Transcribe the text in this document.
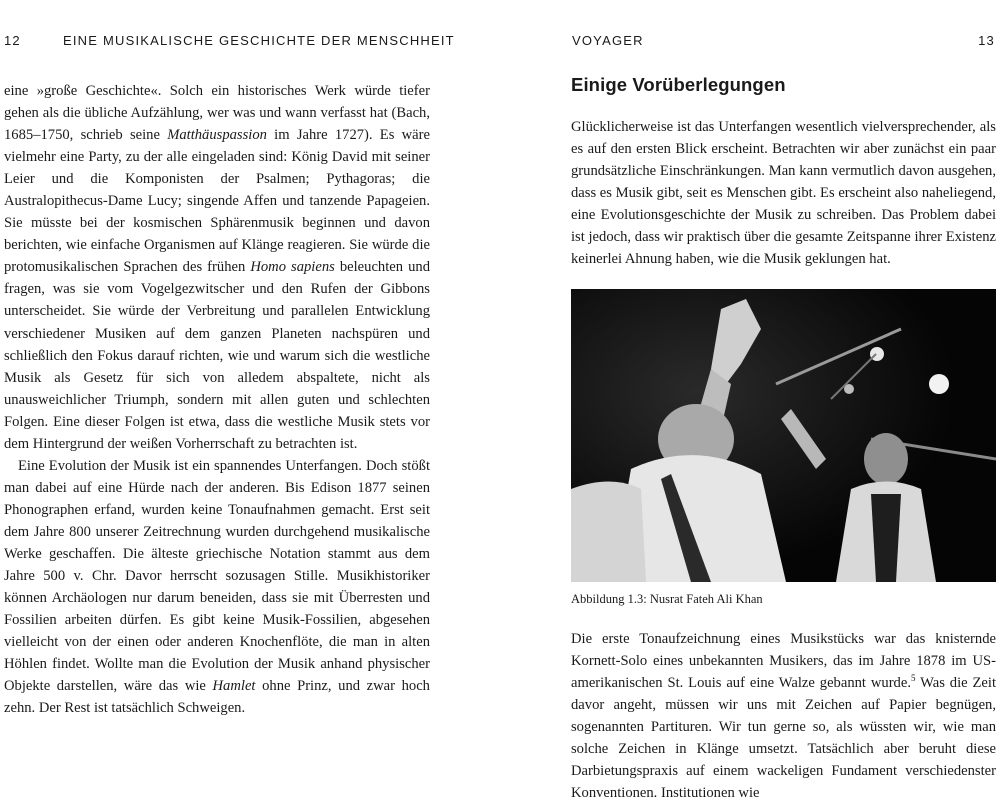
12	EINE MUSIKALISCHE GESCHICHTE DER MENSCHHEIT	VOYAGER	13

eine »große Geschichte«. Solch ein historisches Werk würde tiefer gehen als die übliche Aufzählung, wer was und wann verfasst hat (Bach, 1685–1750, schrieb seine Matthäuspassion im Jahre 1727). Es wäre vielmehr eine Party, zu der alle eingeladen sind: König David mit seiner Leier und die Komponisten der Psalmen; Pythagoras; die Australopithecus-Dame Lucy; singende Affen und tanzende Papageien. Sie müsste bei der kosmischen Sphärenmusik beginnen und davon berichten, wie einfache Organismen auf Klänge reagieren. Sie würde die protomusikalischen Sprachen des frühen Homo sapiens beleuchten und fragen, was sie vom Vogelgezwitscher und den Rufen der Gibbons unterscheidet. Sie würde der Verbreitung und parallelen Entwicklung verschiedener Musiken auf dem ganzen Planeten nachspüren und schließlich den Fokus darauf richten, wie und warum sich die westliche Musik als Gesetz für sich von alledem abspaltete, nicht als unausweichlicher Triumph, sondern mit allen guten und schlechten Folgen. Eine dieser Folgen ist etwa, dass die westliche Musik stets vor dem Hintergrund der weißen Vorherrschaft zu betrachten ist.

Eine Evolution der Musik ist ein spannendes Unterfangen. Doch stößt man dabei auf eine Hürde nach der anderen. Bis Edison 1877 seinen Phonographen erfand, wurden keine Tonaufnahmen gemacht. Erst seit dem Jahre 800 unserer Zeitrechnung wurden durchgehend musikalische Werke geschaffen. Die älteste griechische Notation stammt aus dem Jahre 500 v. Chr. Davor herrscht sozusagen Stille. Musikhistoriker können Archäologen nur darum beneiden, dass sie mit Überresten und Fossilien arbeiten dürfen. Es gibt keine Musik-Fossilien, abgesehen vielleicht von der einen oder anderen Knochenflöte, die man in alten Höhlen findet. Wollte man die Evolution der Musik anhand physischer Objekte darstellen, wäre das wie Hamlet ohne Prinz, und zwar hoch zehn. Der Rest ist tatsächlich Schweigen.

Einige Vorüberlegungen

Glücklicherweise ist das Unterfangen wesentlich vielversprechender, als es auf den ersten Blick erscheint. Betrachten wir aber zunächst ein paar grundsätzliche Einschränkungen. Man kann vermutlich davon ausgehen, dass es Musik gibt, seit es Menschen gibt. Es erscheint also naheliegend, eine Evolutionsgeschichte der Musik zu schreiben. Das Problem dabei ist jedoch, dass wir praktisch über die gesamte Zeitspanne ihrer Existenz keinerlei Ahnung haben, wie die Musik geklungen hat.

Abbildung 1.3: Nusrat Fateh Ali Khan

Die erste Tonaufzeichnung eines Musikstücks war das knisternde Kornett-Solo eines unbekannten Musikers, das im Jahre 1878 im US-amerikanischen St. Louis auf eine Walze gebannt wurde.$^5$ Was die Zeit davor angeht, müssen wir uns mit Zeichen auf Papier begnügen, sogenannten Partituren. Wir tun gerne so, als wüssten wir, wie man solche Zeichen in Klänge umsetzt. Tatsächlich aber beruht diese Darbietungspraxis auf einem wackeligen Fundament verschiedenster Konventionen. Institutionen wie
